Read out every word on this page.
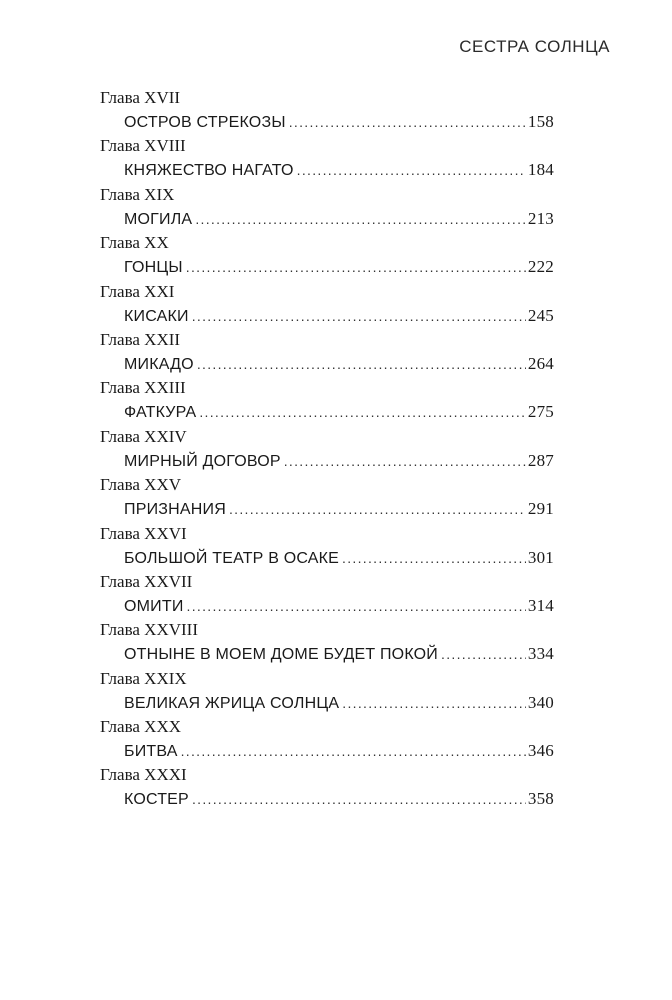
СЕСТРА СОЛНЦА
Глава XVII
ОСТРОВ СТРЕКОЗЫ .....	158
Глава XVIII
КНЯЖЕСТВО НАГАТО .....	184
Глава XIX
МОГИЛА .....	213
Глава XX
ГОНЦЫ .....	222
Глава XXI
КИСАКИ .....	245
Глава XXII
МИКАДО .....	264
Глава XXIII
ФАТКУРА .....	275
Глава XXIV
МИРНЫЙ ДОГОВОР .....	287
Глава XXV
ПРИЗНАНИЯ .....	291
Глава XXVI
БОЛЬШОЙ ТЕАТР В ОСАКЕ .....	301
Глава XXVII
ОМИТИ .....	314
Глава XXVIII
ОТНЫНЕ В МОЕМ ДОМЕ БУДЕТ ПОКОЙ .....	334
Глава XXIX
ВЕЛИКАЯ ЖРИЦА СОЛНЦА .....	340
Глава XXX
БИТВА .....	346
Глава XXXI
КОСТЕР .....	358
